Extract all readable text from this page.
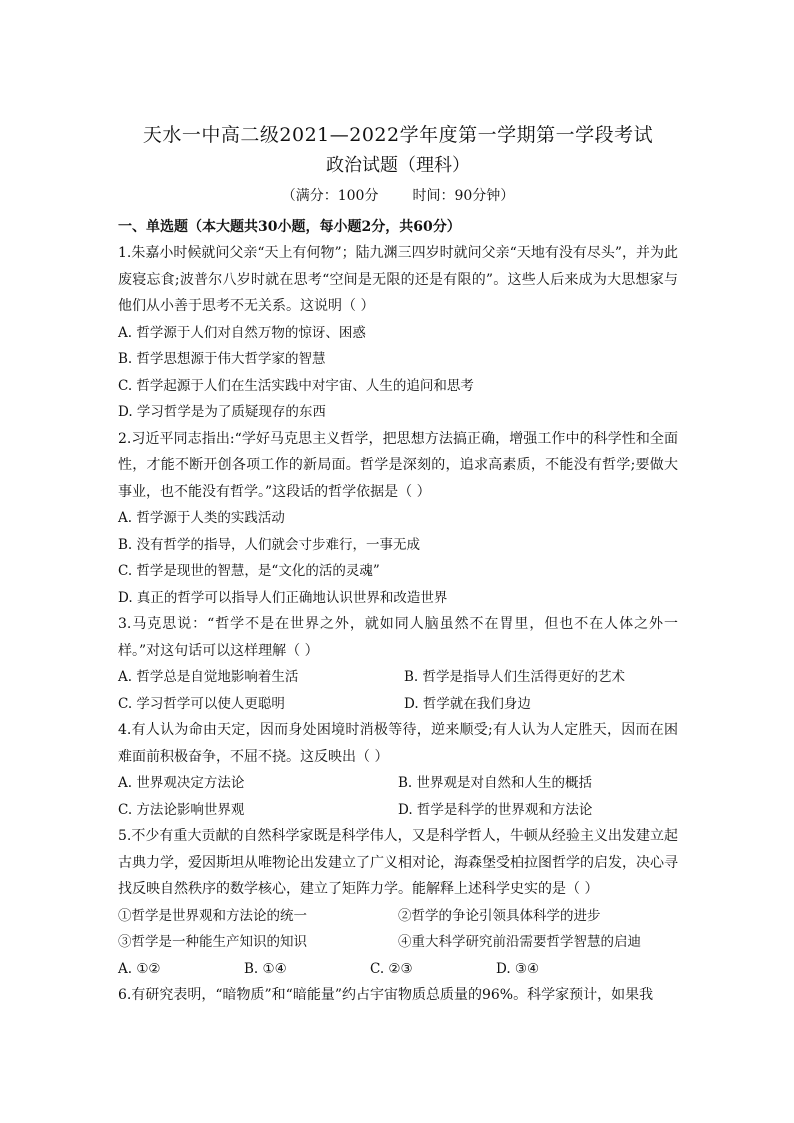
天水一中高二级2021—2022学年度第一学期第一学段考试

政治试题（理科）

（满分：100分 时间：90分钟）

一、单选题（本大题共30小题，每小题2分，共60分）

1.朱嘉小时候就问父亲“天上有何物”；陆九渊三四岁时就问父亲“天地有没有尽头”，并为此废寝忘食;波普尔八岁时就在思考“空间是无限的还是有限的”。这些人后来成为大思想家与他们从小善于思考不无关系。这说明（ ）

A. 哲学源于人们对自然万物的惊讶、困惑

B. 哲学思想源于伟大哲学家的智慧

C. 哲学起源于人们在生活实践中对宇宙、人生的追问和思考

D. 学习哲学是为了质疑现存的东西

2.习近平同志指出:“学好马克思主义哲学，把思想方法搞正确，增强工作中的科学性和全面性，才能不断开创各项工作的新局面。哲学是深刻的，追求高素质，不能没有哲学;要做大事业，也不能没有哲学。”这段话的哲学依据是（ ）

A. 哲学源于人类的实践活动

B. 没有哲学的指导，人们就会寸步难行，一事无成

C. 哲学是现世的智慧，是“文化的活的灵魂”

D. 真正的哲学可以指导人们正确地认识世界和改造世界

3.马克思说：“哲学不是在世界之外，就如同人脑虽然不在胃里，但也不在人体之外一样。”对这句话可以这样理解（ ）

A. 哲学总是自觉地影响着生活	B. 哲学是指导人们生活得更好的艺术
C. 学习哲学可以使人更聪明	D. 哲学就在我们身边

4.有人认为命由天定，因而身处困境时消极等待，逆来顺受;有人认为人定胜天，因而在困难面前积极奋争，不屈不挠。这反映出（ ）

A. 世界观决定方法论	B. 世界观是对自然和人生的概括
C. 方法论影响世界观	D. 哲学是科学的世界观和方法论

5.不少有重大贡献的自然科学家既是科学伟人，又是科学哲人，牛顿从经验主义出发建立起古典力学，爱因斯坦从唯物论出发建立了广义相对论，海森堡受柏拉图哲学的启发，决心寻找反映自然秩序的数学核心，建立了矩阵力学。能解释上述科学史实的是（ ）

①哲学是世界观和方法论的统一	②哲学的争论引领具体科学的进步
③哲学是一种能生产知识的知识	④重大科学研究前沿需要哲学智慧的启迪
A. ①②	B. ①④	C. ②③	D. ③④

6.有研究表明，“暗物质”和“暗能量”约占宇宙物质总质量的96%。科学家预计，如果我
